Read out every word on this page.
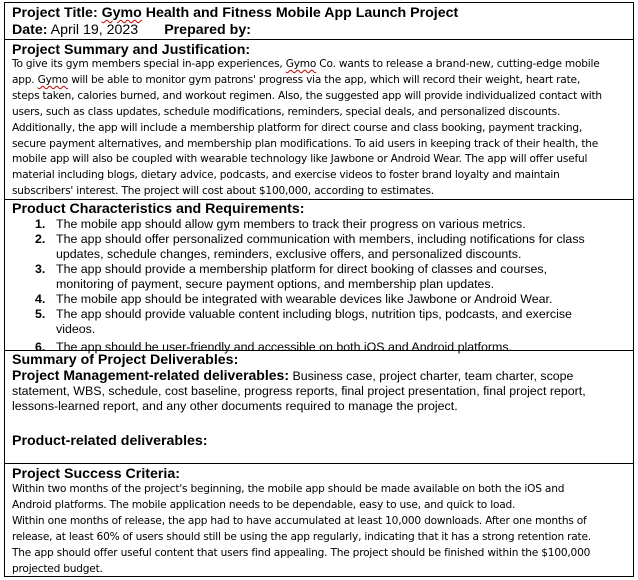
Project Title: Gymo Health and Fitness Mobile App Launch Project
Date: April 19, 2023 Prepared by:
Project Summary and Justification:
To give its gym members special in-app experiences, Gymo Co. wants to release a brand-new, cutting-edge mobile
app. Gymo will be able to monitor gym patrons' progress via the app, which will record their weight, heart rate,
steps taken, calories burned, and workout regimen. Also, the suggested app will provide individualized contact with
users, such as class updates, schedule modifications, reminders, special deals, and personalized discounts.
Additionally, the app will include a membership platform for direct course and class booking, payment tracking,
secure payment alternatives, and membership plan modifications. To aid users in keeping track of their health, the
mobile app will also be coupled with wearable technology like Jawbone or Android Wear. The app will offer useful
material including blogs, dietary advice, podcasts, and exercise videos to foster brand loyalty and maintain
subscribers' interest. The project will cost about $100,000, according to estimates.
Product Characteristics and Requirements:
1. The mobile app should allow gym members to track their progress on various metrics.
2. The app should offer personalized communication with members, including notifications for class
updates, schedule changes, reminders, exclusive offers, and personalized discounts.
3. The app should provide a membership platform for direct booking of classes and courses,
monitoring of payment, secure payment options, and membership plan updates.
4. The mobile app should be integrated with wearable devices like Jawbone or Android Wear.
5. The app should provide valuable content including blogs, nutrition tips, podcasts, and exercise
videos.
6. The app should be user-friendly and accessible on both iOS and Android platforms.
Summary of Project Deliverables:
Project Management-related deliverables: Business case, project charter, team charter, scope
statement, WBS, schedule, cost baseline, progress reports, final project presentation, final project report,
lessons-learned report, and any other documents required to manage the project.
Product-related deliverables:
Project Success Criteria:
Within two months of the project's beginning, the mobile app should be made available on both the iOS and
Android platforms. The mobile application needs to be dependable, easy to use, and quick to load.
Within one months of release, the app had to have accumulated at least 10,000 downloads. After one months of
release, at least 60% of users should still be using the app regularly, indicating that it has a strong retention rate.
The app should offer useful content that users find appealing. The project should be finished within the $100,000
projected budget.
